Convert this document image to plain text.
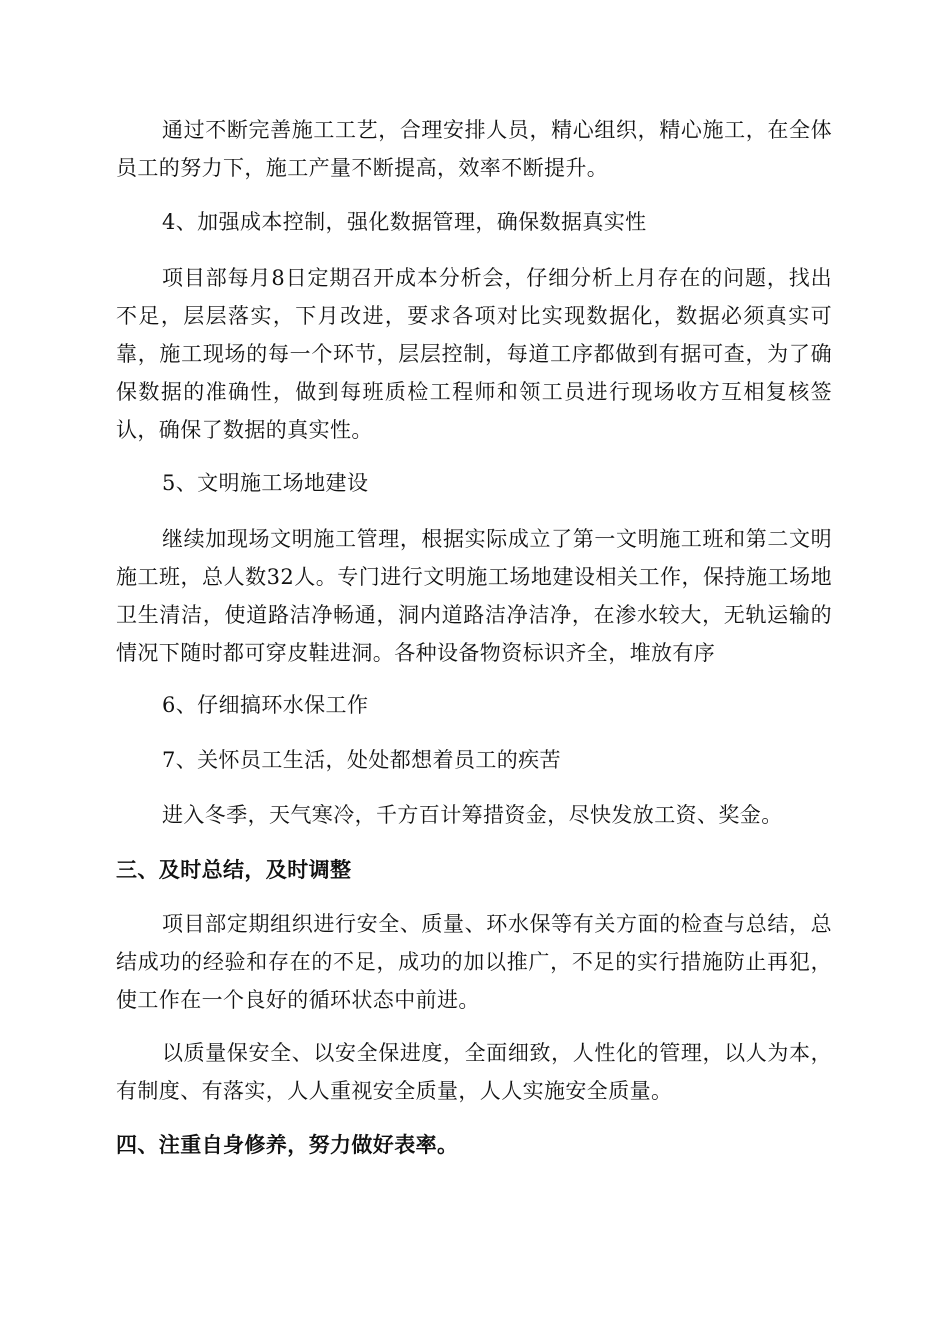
通过不断完善施工工艺，合理安排人员，精心组织，精心施工，在全体员工的努力下，施工产量不断提高，效率不断提升。

4、加强成本控制，强化数据管理，确保数据真实性

项目部每月8日定期召开成本分析会，仔细分析上月存在的问题，找出不足，层层落实，下月改进，要求各项对比实现数据化，数据必须真实可靠，施工现场的每一个环节，层层控制，每道工序都做到有据可查，为了确保数据的准确性，做到每班质检工程师和领工员进行现场收方互相复核签认，确保了数据的真实性。

5、文明施工场地建设

继续加现场文明施工管理，根据实际成立了第一文明施工班和第二文明施工班，总人数32人。专门进行文明施工场地建设相关工作，保持施工场地卫生清洁，使道路洁净畅通，洞内道路洁净洁净，在渗水较大，无轨运输的情况下随时都可穿皮鞋进洞。各种设备物资标识齐全，堆放有序

6、仔细搞环水保工作

7、关怀员工生活，处处都想着员工的疾苦

进入冬季，天气寒冷，千方百计筹措资金，尽快发放工资、奖金。

三、及时总结，及时调整

项目部定期组织进行安全、质量、环水保等有关方面的检查与总结，总结成功的经验和存在的不足，成功的加以推广，不足的实行措施防止再犯，使工作在一个良好的循环状态中前进。

以质量保安全、以安全保进度，全面细致，人性化的管理，以人为本，有制度、有落实，人人重视安全质量，人人实施安全质量。

四、注重自身修养，努力做好表率。
